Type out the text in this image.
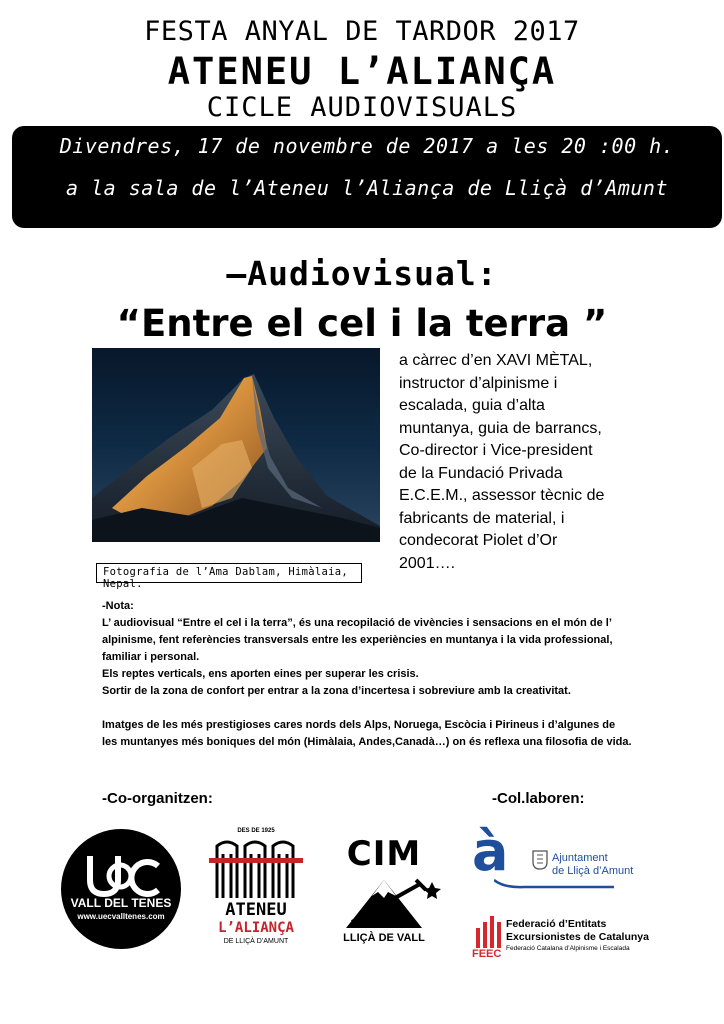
FESTA ANYAL DE TARDOR 2017
ATENEU L’ALIANÇA
CICLE AUDIOVISUALS
Divendres, 17 de novembre de 2017 a les 20 :00 h.
a la sala de l’Ateneu l’Aliança de Lliçà d’Amunt
–Audiovisual:
“Entre el cel i la terra ”
Fotografia de l’Ama Dablam, Himàlaia, Nepal.
a càrrec d’en XAVI MÈTAL, instructor d’alpinisme i escalada, guia d’alta muntanya, guia de barrancs, Co-director i Vice-president de la Fundació Privada E.C.E.M., assessor tècnic de fabricants de material, i condecorat Piolet d’Or 2001….

-Nota:

L’ audiovisual “Entre el cel i la terra”, és una recopilació de vivències i sensacions en el món de l’ alpinisme, fent referències transversals entre les experiències en muntanya i la vida professional, familiar i personal.

Els reptes verticals, ens aporten eines per superar les crisis.

Sortir de la zona de confort per entrar a la zona d’incertesa i sobreviure amb la creativitat.

Imatges de les més prestigioses cares nords dels Alps, Noruega, Escòcia i Pirineus i d’algunes de les muntanyes més boniques del món (Himàlaia, Andes,Canadà…) on és reflexa una filosofia de vida.

-Co-organitzen:	-Col.laboren:
VALL DEL TENES
www.uecvalltenes.com
DES DE 1925
ATENEU
L’ALIANÇA
DE LLIÇÀ D’AMUNT
CIM
LLIÇÀ DE VALL
à	Ajuntament
de Lliçà d’Amunt
FEEC
Federació d’Entitats
Excursionistes de Catalunya
Federació Catalana d’Alpinisme i Escalada
